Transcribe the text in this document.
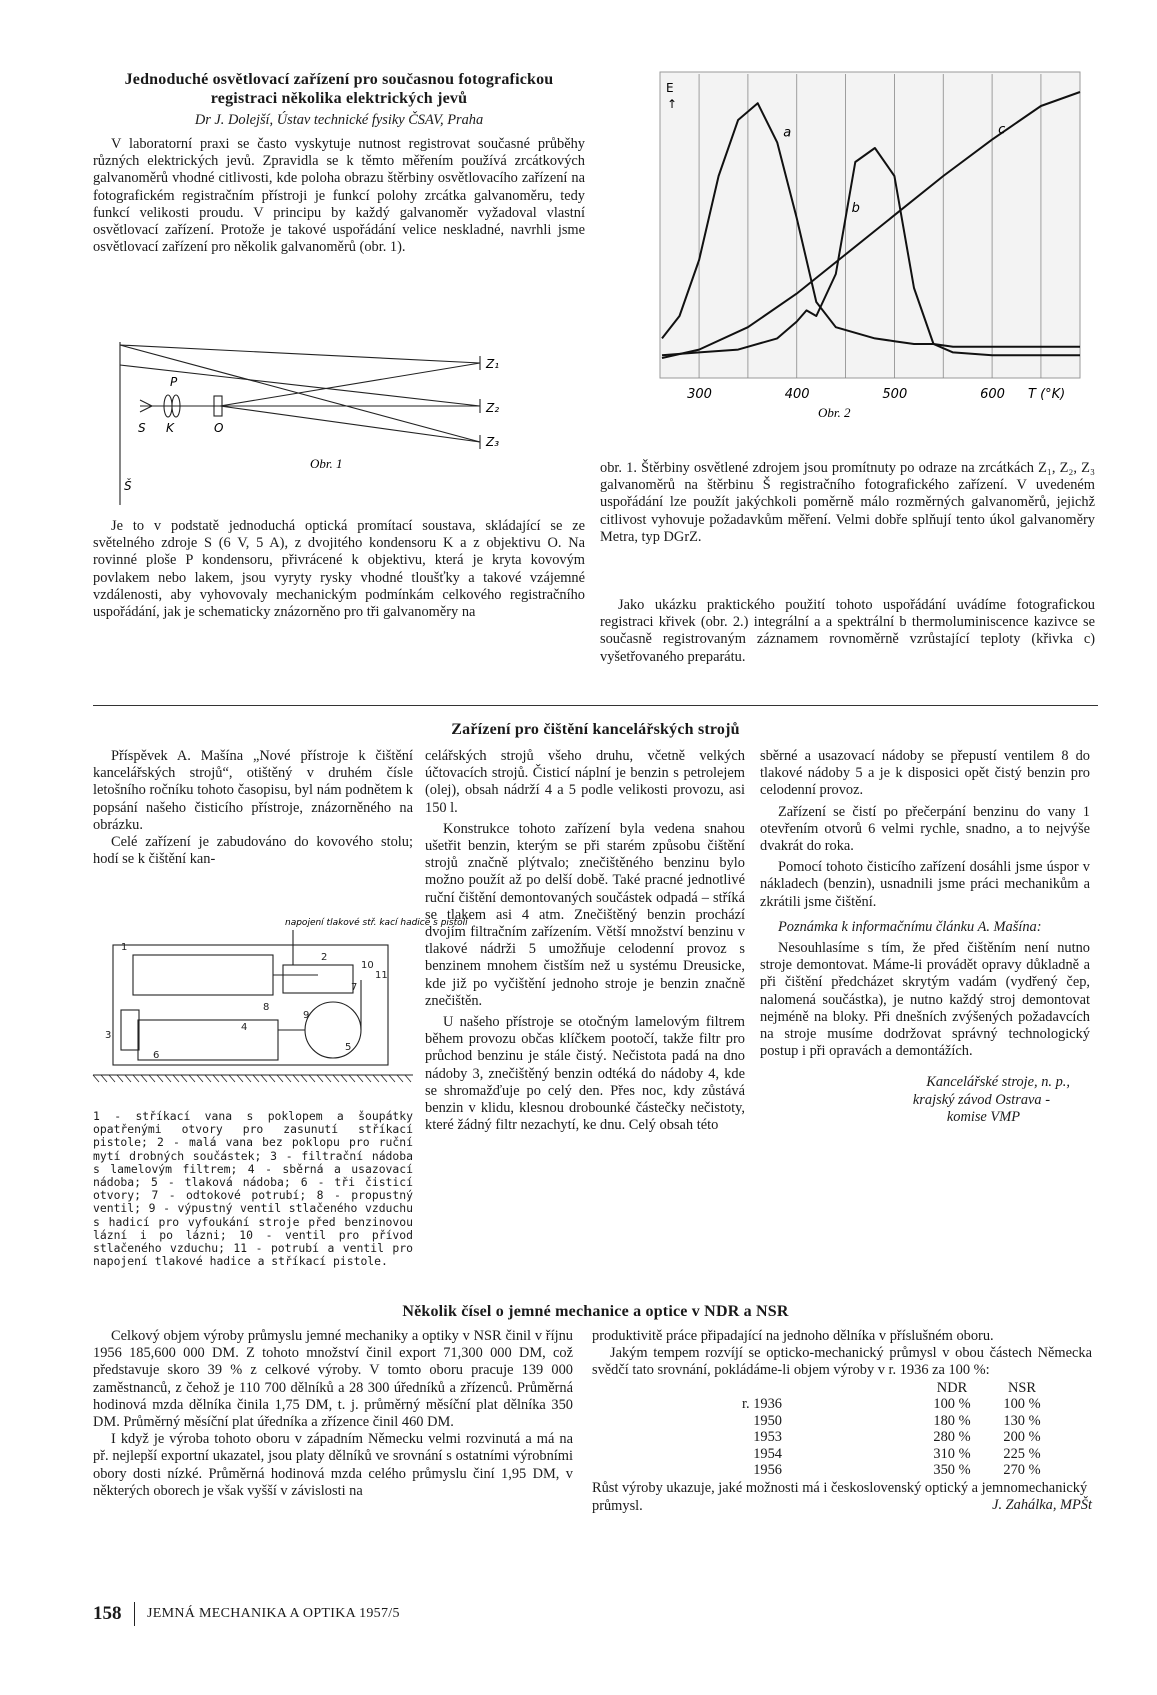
Jednoduché osvětlovací zařízení pro současnou fotografickou registraci několika elektrických jevů
Dr J. Dolejší, Ústav technické fysiky ČSAV, Praha

V laboratorní praxi se často vyskytuje nutnost registrovat současné průběhy různých elektrických jevů. Zpravidla se k těmto měřením používá zrcátkových galvanoměrů vhodné citlivosti, kde poloha obrazu štěrbiny osvětlovacího zařízení na fotografickém registračním přístroji je funkcí polohy zrcátka galvanoměru, tedy funkcí velikosti proudu. V principu by každý galvanoměr vyžadoval vlastní osvětlovací zařízení. Protože je takové uspořádání velice neskladné, navrhli jsme osvětlovací zařízení pro několik galvanoměrů (obr. 1).

P
S K	O
Š
Z₁
Z₂
Z₃
Obr. 1

Je to v podstatě jednoduchá optická promítací soustava, skládající se ze světelného zdroje S (6 V, 5 A), z dvojitého kondensoru K a z objektivu O. Na rovinné ploše P kondensoru, přivrácené k objektivu, která je kryta kovovým povlakem nebo lakem, jsou vyryty rysky vhodné tloušťky a takové vzájemné vzdálenosti, aby vyhovovaly mechanickým podmínkám celkového registračního uspořádání, jak je schematicky znázorněno pro tři galvanoměry na

a
b
c
300	400	500	600
E
↑
T (°K)
Obr. 2

obr. 1. Štěrbiny osvětlené zdrojem jsou promítnuty po odraze na zrcátkách Z₁, Z₂, Z₃ galvanoměrů na štěrbinu Š registračního fotografického zařízení. V uvedeném uspořádání lze použít jakýchkoli poměrně málo rozměrných galvanoměrů, jejichž citlivost vyhovuje požadavkům měření. Velmi dobře splňují tento úkol galvanoměry Metra, typ DGrZ.

Jako ukázku praktického použití tohoto uspořádání uvádíme fotografickou registraci křivek (obr. 2.) integrální a a spektrální b thermoluminiscence kazivce se současně registrovaným záznamem rovnoměrně vzrůstající teploty (křivka c) vyšetřovaného preparátu.

Zařízení pro čištění kancelářských strojů

Příspěvek A. Mašína „Nové přístroje k čištění kancelářských strojů“, otištěný v druhém čísle letošního ročníku tohoto časopisu, byl nám podnětem k popsání našeho čisticího přístroje, znázorněného na obrázku.

Celé zařízení je zabudováno do kovového stolu; hodí se k čištění kan-

1
2
3
4
5
6
7
8
9
10
11
napojení tlakové stř. kací hadice s pistolí

1 - stříkací vana s poklopem a šoupátky opatřenými otvory pro zasunutí stříkací pistole; 2 - malá vana bez poklopu pro ruční mytí drobných součástek; 3 - filtrační nádoba s lamelovým filtrem; 4 - sběrná a usazovací nádoba; 5 - tlaková nádoba; 6 - tři čisticí otvory; 7 - odtokové potrubí; 8 - propustný ventil; 9 - výpustný ventil stlačeného vzduchu s hadicí pro vyfoukání stroje před benzinovou lázní i po lázni; 10 - ventil pro přívod stlačeného vzduchu; 11 - potrubí a ventil pro napojení tlakové hadice a stříkací pistole.

celářských strojů všeho druhu, včetně velkých účtovacích strojů. Čisticí náplní je benzin s petrolejem (olej), obsah nádrží 4 a 5 podle velikosti provozu, asi 150 l.

Konstrukce tohoto zařízení byla vedena snahou ušetřit benzin, kterým se při starém způsobu čištění strojů značně plýtvalo; znečištěného benzinu bylo možno použít až po delší době. Také pracné jednotlivé ruční čištění demontovaných součástek odpadá – stříká se tlakem asi 4 atm. Znečištěný benzin prochází dvojím filtračním zařízením. Větší množství benzinu v tlakové nádrži 5 umožňuje celodenní provoz s benzinem mnohem čistším než u systému Dreusicke, kde již po vyčištění jednoho stroje je benzin značně znečištěn.

U našeho přístroje se otočným lamelovým filtrem během provozu občas klíčkem pootočí, takže filtr pro průchod benzinu je stále čistý. Nečistota padá na dno nádoby 3, znečištěný benzin odtéká do nádoby 4, kde se shromažďuje po celý den. Přes noc, kdy zůstává benzin v klidu, klesnou drobounké částečky nečistoty, které žádný filtr nezachytí, ke dnu. Celý obsah této

sběrné a usazovací nádoby se přepustí ventilem 8 do tlakové nádoby 5 a je k disposici opět čistý benzin pro celodenní provoz.

Zařízení se čistí po přečerpání benzinu do vany 1 otevřením otvorů 6 velmi rychle, snadno, a to nejvýše dvakrát do roka.

Pomocí tohoto čisticího zařízení dosáhli jsme úspor v nákladech (benzin), usnadnili jsme práci mechanikům a zkrátili jsme čištění.

Poznámka k informačnímu článku A. Mašína:

Nesouhlasíme s tím, že před čištěním není nutno stroje demontovat. Máme-li provádět opravy důkladně a při čištění předcházet skrytým vadám (vydřený čep, nalomená součástka), je nutno každý stroj demontovat nejméně na bloky. Při dnešních zvýšených požadavcích na stroje musíme dodržovat správný technologický postup i při opravách a demontážích.

Kancelářské stroje, n. p.,

krajský závod Ostrava -

komise VMP

Několik čísel o jemné mechanice a optice v NDR a NSR

Celkový objem výroby průmyslu jemné mechaniky a optiky v NSR činil v říjnu 1956 185,600 000 DM. Z tohoto množství činil export 71,300 000 DM, což představuje skoro 39 % z celkové výroby. V tomto oboru pracuje 139 000 zaměstnanců, z čehož je 110 700 dělníků a 28 300 úředníků a zřízenců. Průměrná hodinová mzda dělníka činila 1,75 DM, t. j. průměrný měsíční plat dělníka 350 DM. Průměrný měsíční plat úředníka a zřízence činil 460 DM.

I když je výroba tohoto oboru v západním Německu velmi rozvinutá a má na př. nejlepší exportní ukazatel, jsou platy dělníků ve srovnání s ostatními výrobními obory dosti nízké. Průměrná hodinová mzda celého průmyslu činí 1,95 DM, v některých oborech je však vyšší v závislosti na

produktivitě práce připadající na jednoho dělníka v příslušném oboru.

Jakým tempem rozvíjí se opticko-mechanický průmysl v obou částech Německa svědčí tato srovnání, pokládáme-li objem výroby v r. 1936 za 100 %:

		NDR	NSR
r. 1936		100 %	100 %
1950		180 %	130 %
1953		280 %	200 %
1954		310 %	225 %
1956		350 %	270 %

Růst výroby ukazuje, jaké možnosti má i československý optický a jemnomechanický průmysl.	J. Zahálka, MPŠt
158 JEMNÁ MECHANIKA A OPTIKA 1957/5
